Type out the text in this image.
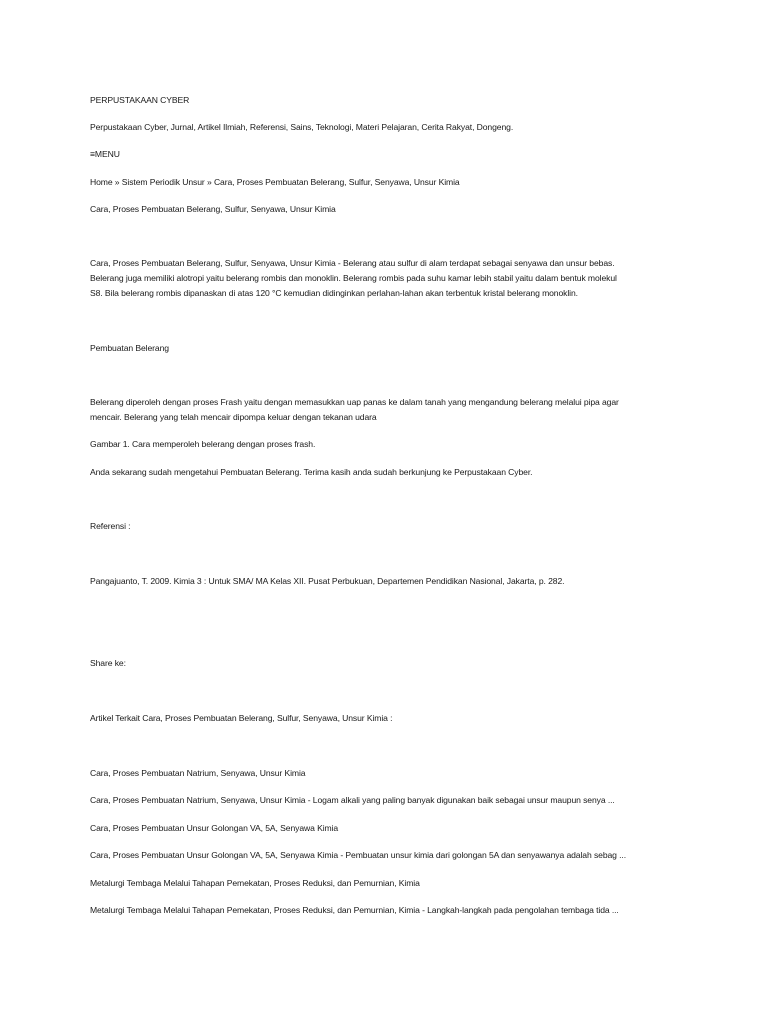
PERPUSTAKAAN CYBER
Perpustakaan Cyber, Jurnal, Artikel Ilmiah, Referensi, Sains, Teknologi, Materi Pelajaran, Cerita Rakyat, Dongeng.
≡MENU
Home » Sistem Periodik Unsur » Cara, Proses Pembuatan Belerang, Sulfur, Senyawa, Unsur Kimia
Cara, Proses Pembuatan Belerang, Sulfur, Senyawa, Unsur Kimia
Cara, Proses Pembuatan Belerang, Sulfur, Senyawa, Unsur Kimia - Belerang atau sulfur di alam terdapat sebagai senyawa dan unsur bebas.
Belerang juga memiliki alotropi yaitu belerang rombis dan monoklin. Belerang rombis pada suhu kamar lebih stabil yaitu dalam bentuk molekul
S8. Bila belerang rombis dipanaskan di atas 120 °C kemudian didinginkan perlahan-lahan akan terbentuk kristal belerang monoklin.
Pembuatan Belerang
Belerang diperoleh dengan proses Frash yaitu dengan memasukkan uap panas ke dalam tanah yang mengandung belerang melalui pipa agar
mencair. Belerang yang telah mencair dipompa keluar dengan tekanan udara
Gambar 1. Cara memperoleh belerang dengan proses frash.
Anda sekarang sudah mengetahui Pembuatan Belerang. Terima kasih anda sudah berkunjung ke Perpustakaan Cyber.
Referensi :
Pangajuanto, T. 2009. Kimia 3 : Untuk SMA/ MA Kelas XII. Pusat Perbukuan, Departemen Pendidikan Nasional, Jakarta, p. 282.
Share ke:
Artikel Terkait Cara, Proses Pembuatan Belerang, Sulfur, Senyawa, Unsur Kimia :
Cara, Proses Pembuatan Natrium, Senyawa, Unsur Kimia
Cara, Proses Pembuatan Natrium, Senyawa, Unsur Kimia - Logam alkali yang paling banyak digunakan baik sebagai unsur maupun senya ...
Cara, Proses Pembuatan Unsur Golongan VA, 5A, Senyawa Kimia
Cara, Proses Pembuatan Unsur Golongan VA, 5A, Senyawa Kimia - Pembuatan unsur kimia dari golongan 5A dan senyawanya adalah sebag ...
Metalurgi Tembaga Melalui Tahapan Pemekatan, Proses Reduksi, dan Pemurnian, Kimia
Metalurgi Tembaga Melalui Tahapan Pemekatan, Proses Reduksi, dan Pemurnian, Kimia - Langkah-langkah pada pengolahan tembaga tida ...
